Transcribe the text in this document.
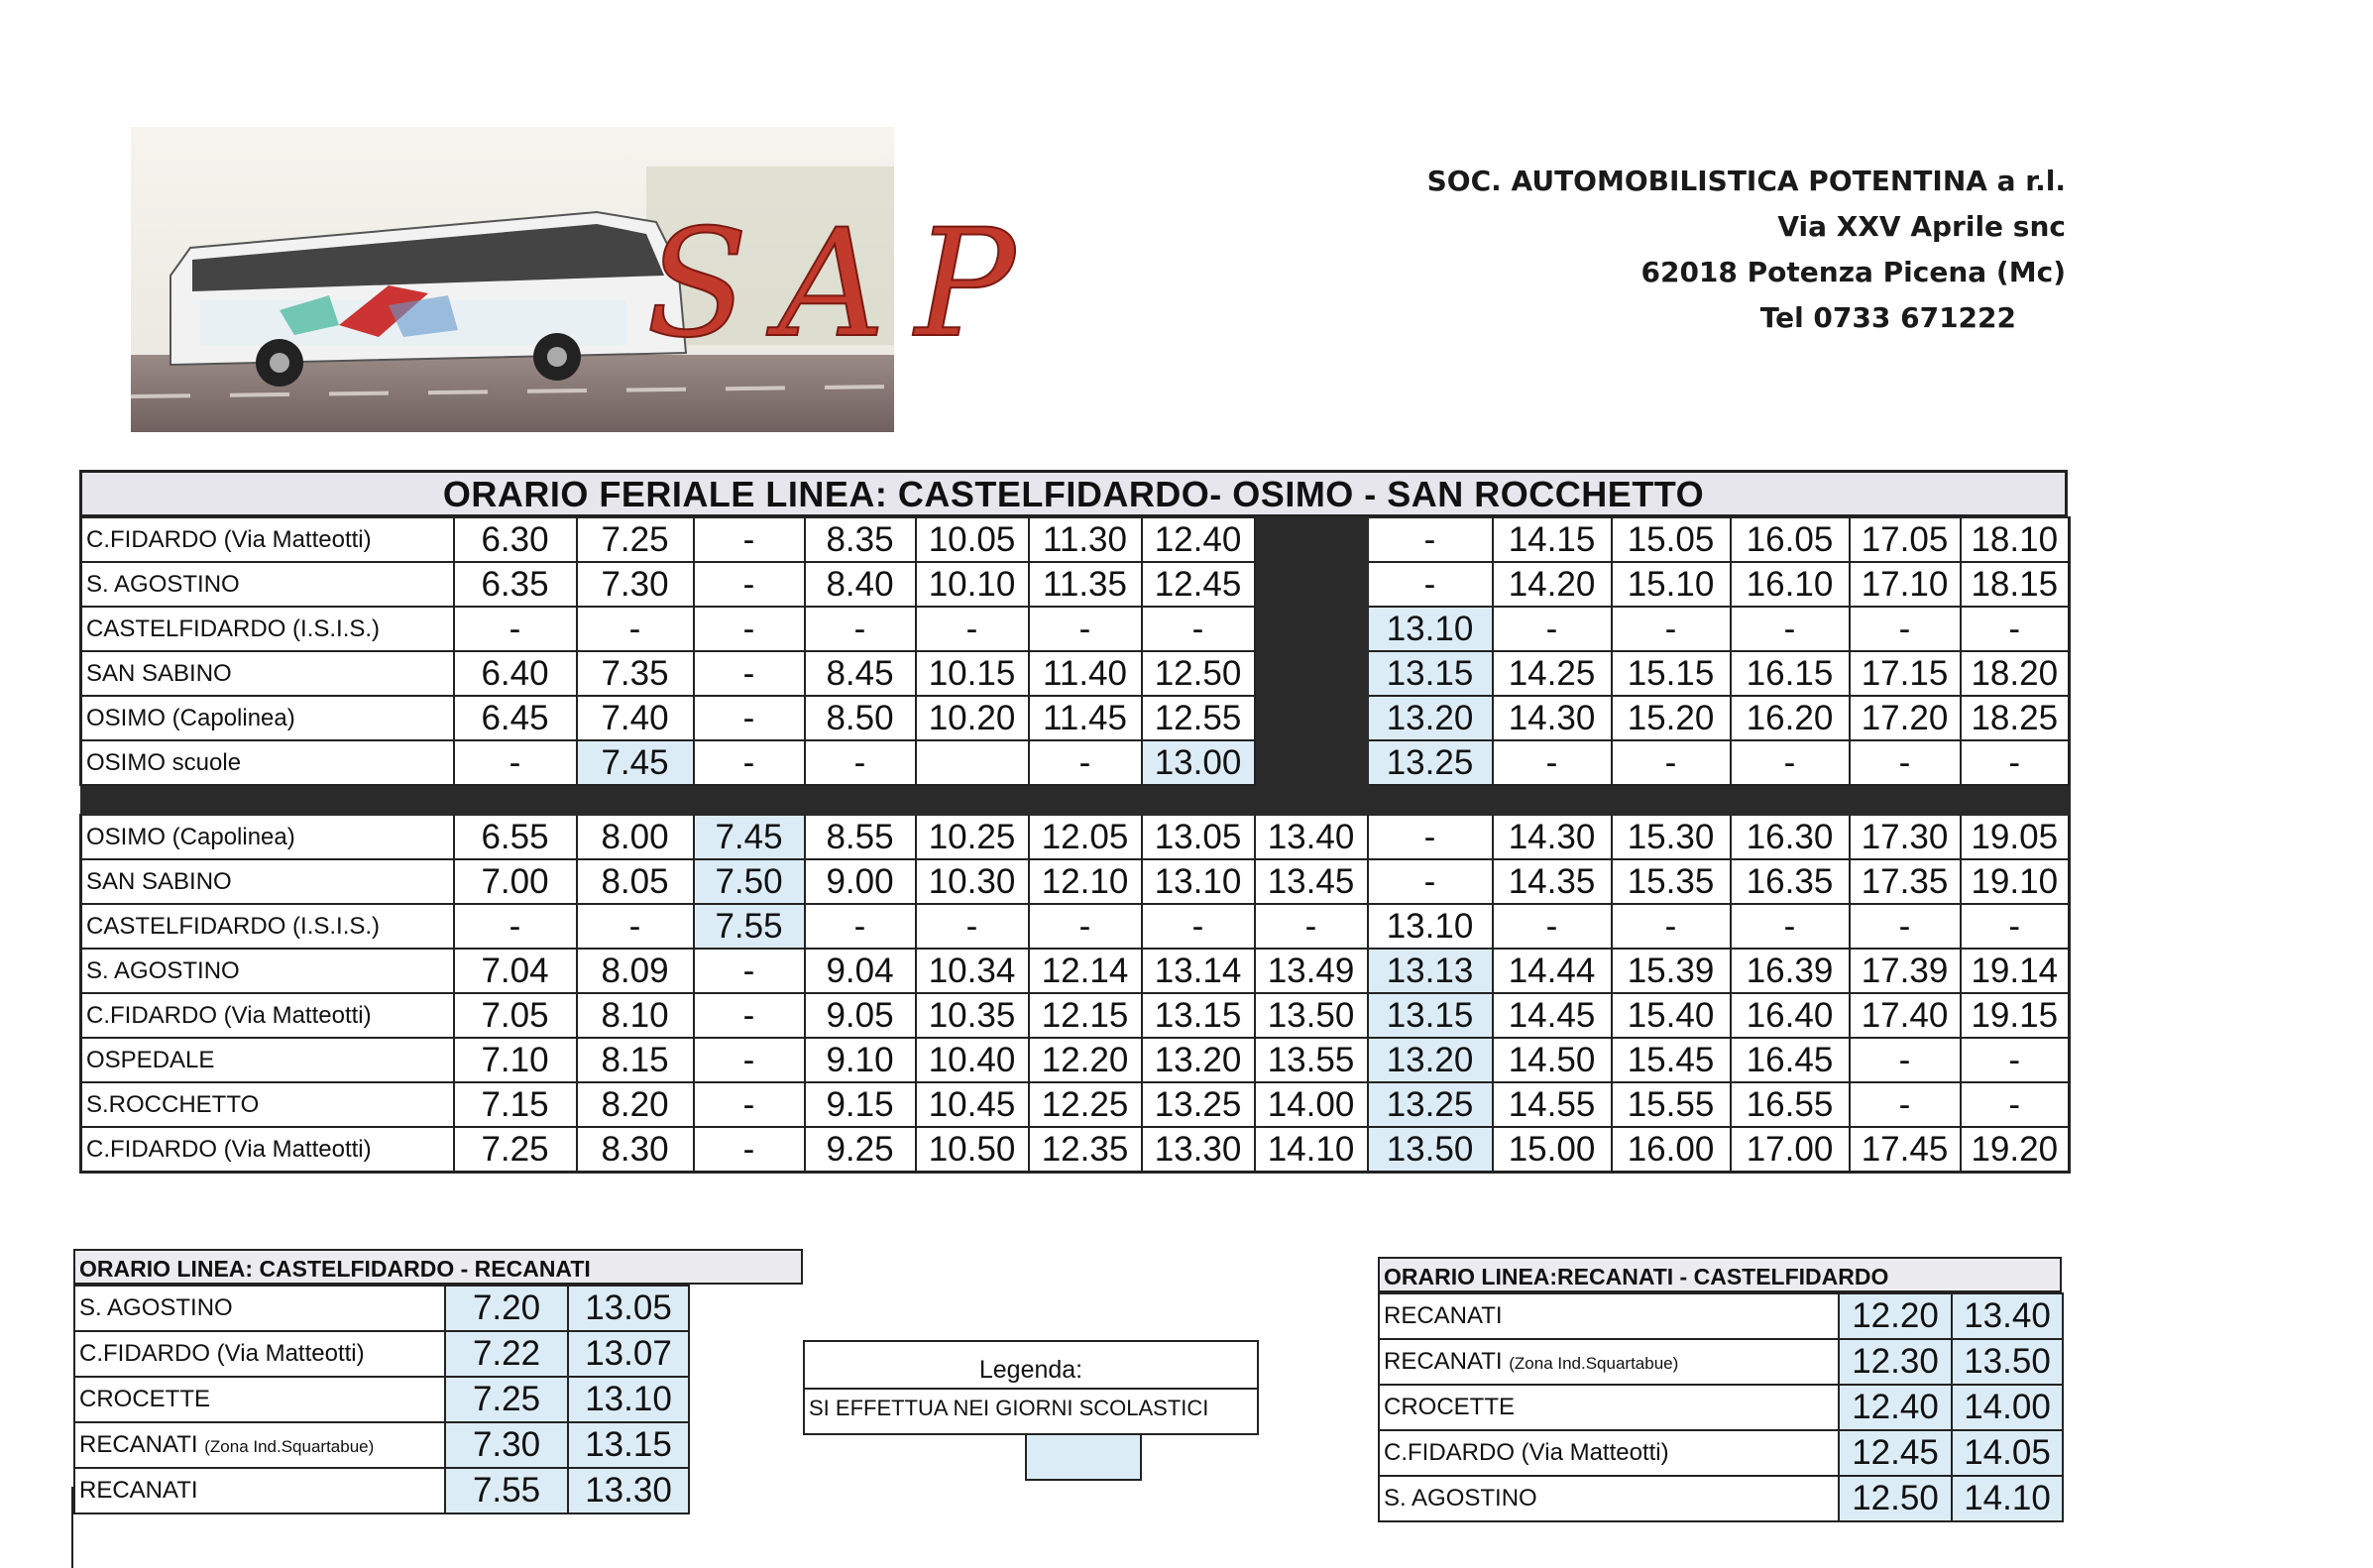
SAP
SOC. AUTOMOBILISTICA POTENTINA a r.l.
Via XXV Aprile snc
62018 Potenza Picena (Mc)
Tel 0733 671222
ORARIO FERIALE LINEA: CASTELFIDARDO- OSIMO - SAN ROCCHETTO
C.FIDARDO (Via Matteotti)	6.30	7.25	-	8.35	10.05	11.30	12.40		-	14.15	15.05	16.05	17.05	18.10
S. AGOSTINO	6.35	7.30	-	8.40	10.10	11.35	12.45		-	14.20	15.10	16.10	17.10	18.15
CASTELFIDARDO (I.S.I.S.)	-	-	-	-	-	-	-		13.10	-	-	-	-	-
SAN SABINO	6.40	7.35	-	8.45	10.15	11.40	12.50		13.15	14.25	15.15	16.15	17.15	18.20
OSIMO (Capolinea)	6.45	7.40	-	8.50	10.20	11.45	12.55		13.20	14.30	15.20	16.20	17.20	18.25
OSIMO scuole	-	7.45	-	-		-	13.00		13.25	-	-	-	-	-

OSIMO (Capolinea)	6.55	8.00	7.45	8.55	10.25	12.05	13.05	13.40	-	14.30	15.30	16.30	17.30	19.05
SAN SABINO	7.00	8.05	7.50	9.00	10.30	12.10	13.10	13.45	-	14.35	15.35	16.35	17.35	19.10
CASTELFIDARDO (I.S.I.S.)	-	-	7.55	-	-	-	-	-	13.10	-	-	-	-	-
S. AGOSTINO	7.04	8.09	-	9.04	10.34	12.14	13.14	13.49	13.13	14.44	15.39	16.39	17.39	19.14
C.FIDARDO (Via Matteotti)	7.05	8.10	-	9.05	10.35	12.15	13.15	13.50	13.15	14.45	15.40	16.40	17.40	19.15
OSPEDALE	7.10	8.15	-	9.10	10.40	12.20	13.20	13.55	13.20	14.50	15.45	16.45	-	-
S.ROCCHETTO	7.15	8.20	-	9.15	10.45	12.25	13.25	14.00	13.25	14.55	15.55	16.55	-	-
C.FIDARDO (Via Matteotti)	7.25	8.30	-	9.25	10.50	12.35	13.30	14.10	13.50	15.00	16.00	17.00	17.45	19.20
ORARIO LINEA: CASTELFIDARDO - RECANATI
S. AGOSTINO	7.20	13.05
C.FIDARDO (Via Matteotti)	7.22	13.07
CROCETTE	7.25	13.10
RECANATI (Zona Ind.Squartabue)	7.30	13.15
RECANATI	7.55	13.30
Legenda:
SI EFFETTUA NEI GIORNI SCOLASTICI
ORARIO LINEA:RECANATI - CASTELFIDARDO
RECANATI	12.20	13.40
RECANATI (Zona Ind.Squartabue)	12.30	13.50
CROCETTE	12.40	14.00
C.FIDARDO (Via Matteotti)	12.45	14.05
S. AGOSTINO	12.50	14.10
